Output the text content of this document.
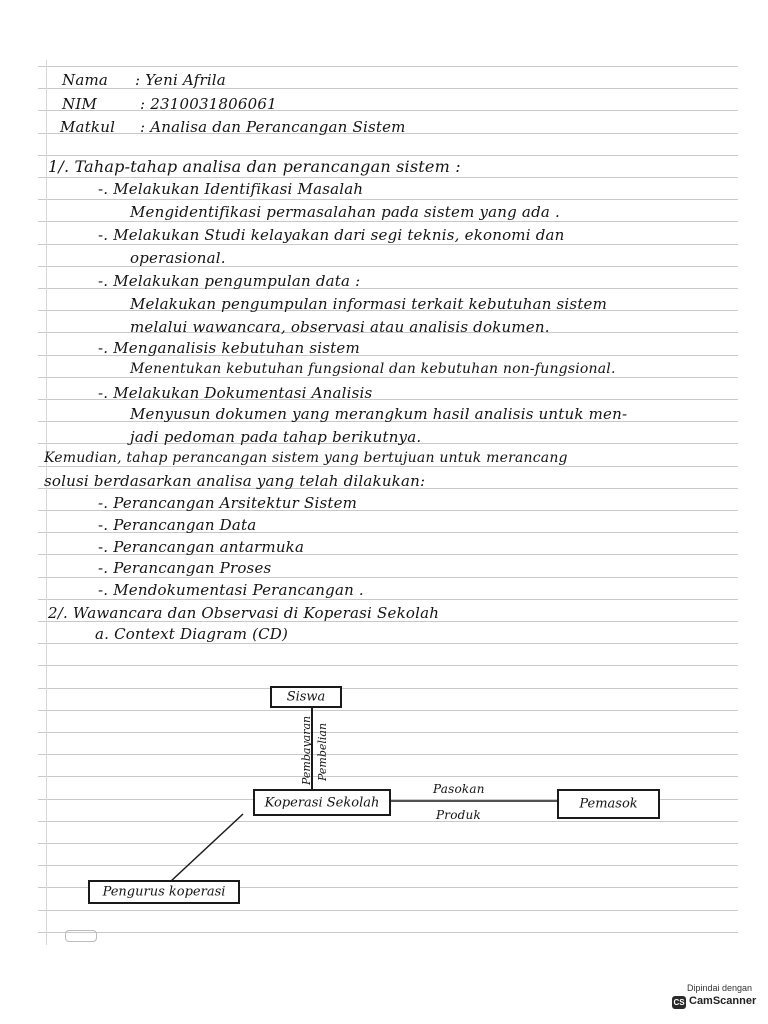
Nama : Yeni Afrila
NIM	: 2310031806061
Matkul : Analisa dan Perancangan Sistem
1/. Tahap-tahap analisa dan perancangan sistem :
-. Melakukan Identifikasi Masalah
Mengidentifikasi permasalahan pada sistem yang ada .
-. Melakukan Studi kelayakan dari segi teknis, ekonomi dan
operasional.
-. Melakukan pengumpulan data :
Melakukan pengumpulan informasi terkait kebutuhan sistem
melalui wawancara, observasi atau analisis dokumen.
-. Menganalisis kebutuhan sistem
Menentukan kebutuhan fungsional dan kebutuhan non-fungsional.
-. Melakukan Dokumentasi Analisis
Menyusun dokumen yang merangkum hasil analisis untuk men-
jadi pedoman pada tahap berikutnya.
Kemudian, tahap perancangan sistem yang bertujuan untuk merancang
solusi berdasarkan analisa yang telah dilakukan:
-. Perancangan Arsitektur Sistem
-. Perancangan Data
-. Perancangan antarmuka
-. Perancangan Proses
-. Mendokumentasi Perancangan .
2/. Wawancara dan Observasi di Koperasi Sekolah
a. Context Diagram (CD)
Siswa
Koperasi Sekolah	Pemasok
Pengurus koperasi
Pembayaran Pembelian
Pasokan
Produk
Dipindai dengan
CS CamScanner
